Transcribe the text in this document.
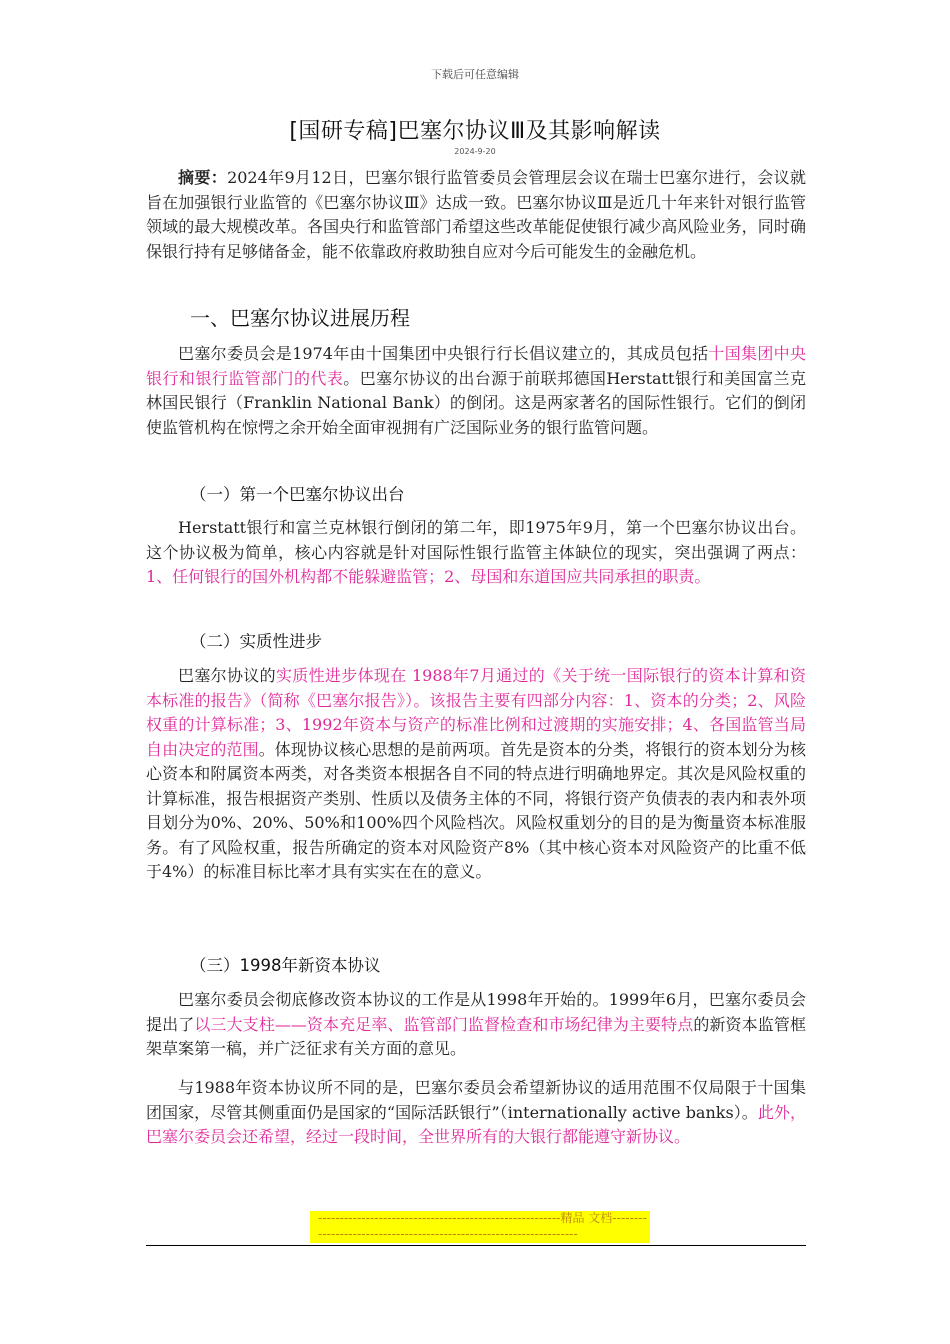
下载后可任意编辑
[国研专稿]巴塞尔协议Ⅲ及其影响解读
2024-9-20
摘要：2024年9月12日，巴塞尔银行监管委员会管理层会议在瑞士巴塞尔进行，会议就旨在加强银行业监管的《巴塞尔协议Ⅲ》达成一致。巴塞尔协议Ⅲ是近几十年来针对银行监管领域的最大规模改革。各国央行和监管部门希望这些改革能促使银行减少高风险业务，同时确保银行持有足够储备金，能不依靠政府救助独自应对今后可能发生的金融危机。
一、巴塞尔协议进展历程
巴塞尔委员会是1974年由十国集团中央银行行长倡议建立的，其成员包括十国集团中央银行和银行监管部门的代表。巴塞尔协议的出台源于前联邦德国Herstatt银行和美国富兰克林国民银行（Franklin National Bank）的倒闭。这是两家著名的国际性银行。它们的倒闭使监管机构在惊愕之余开始全面审视拥有广泛国际业务的银行监管问题。
（一）第一个巴塞尔协议出台
Herstatt银行和富兰克林银行倒闭的第二年，即1975年9月，第一个巴塞尔协议出台。这个协议极为简单，核心内容就是针对国际性银行监管主体缺位的现实，突出强调了两点：1、任何银行的国外机构都不能躲避监管；2、母国和东道国应共同承担的职责。
（二）实质性进步
巴塞尔协议的实质性进步体现在 1988年7月通过的《关于统一国际银行的资本计算和资本标准的报告》（简称《巴塞尔报告》）。该报告主要有四部分内容：1、资本的分类；2、风险权重的计算标准；3、1992年资本与资产的标准比例和过渡期的实施安排；4、各国监管当局自由决定的范围。体现协议核心思想的是前两项。首先是资本的分类，将银行的资本划分为核心资本和附属资本两类，对各类资本根据各自不同的特点进行明确地界定。其次是风险权重的计算标准，报告根据资产类别、性质以及债务主体的不同，将银行资产负债表的表内和表外项目划分为0%、20%、50%和100%四个风险档次。风险权重划分的目的是为衡量资本标准服务。有了风险权重，报告所确定的资本对风险资产8%（其中核心资本对风险资产的比重不低于4%）的标准目标比率才具有实实在在的意义。
（三）1998年新资本协议
巴塞尔委员会彻底修改资本协议的工作是从1998年开始的。1999年6月，巴塞尔委员会提出了以三大支柱——资本充足率、监管部门监督检查和市场纪律为主要特点的新资本监管框架草案第一稿，并广泛征求有关方面的意见。
与1988年资本协议所不同的是，巴塞尔委员会希望新协议的适用范围不仅局限于十国集团国家，尽管其侧重面仍是国家的“国际活跃银行”（internationally active banks）。此外，巴塞尔委员会还希望，经过一段时间，全世界所有的大银行都能遵守新协议。
--------------------------------------------------------精品 文档--------------------------------------------------------------------
